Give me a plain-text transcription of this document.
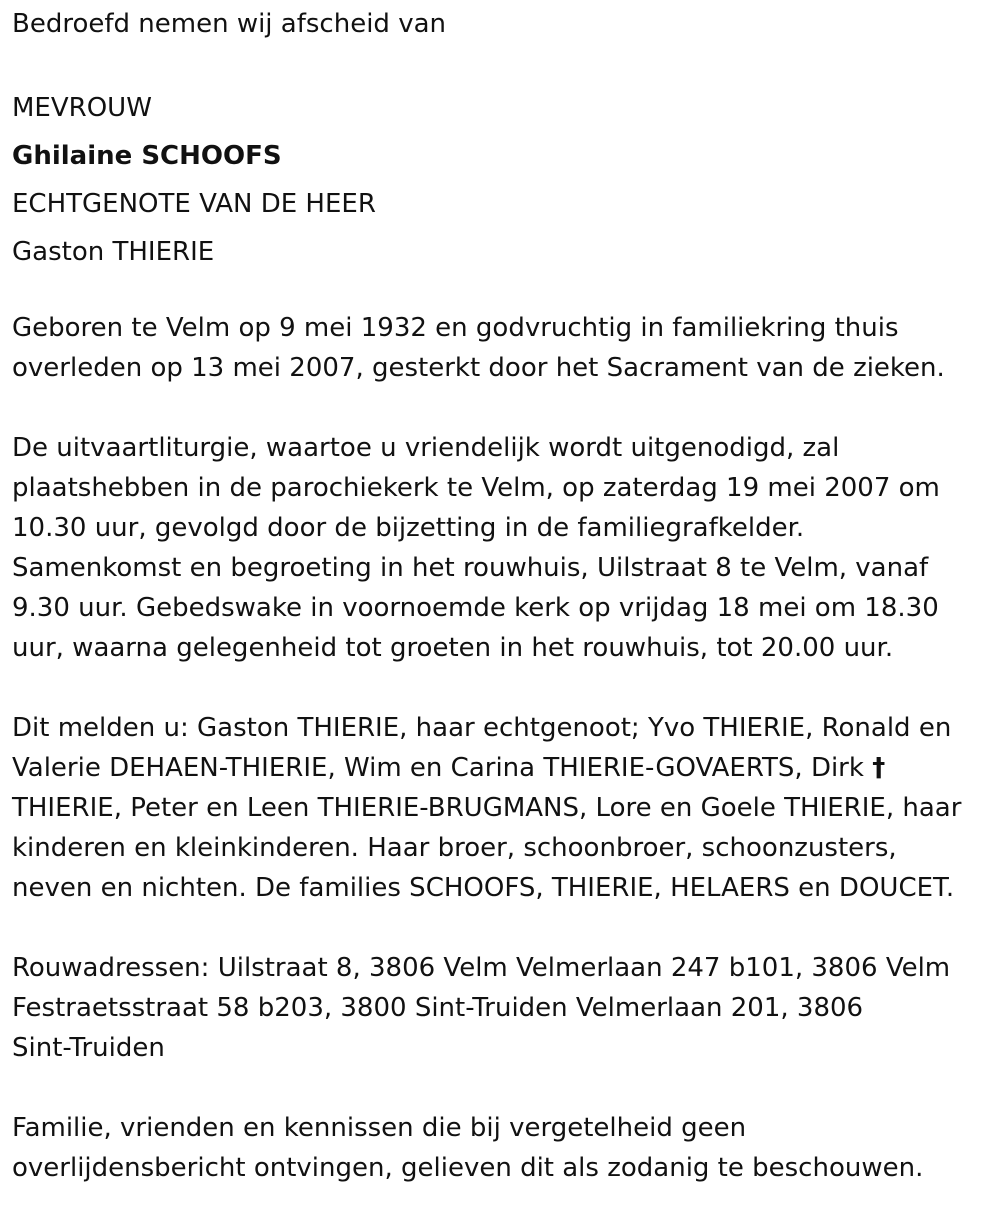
Bedroefd nemen wij afscheid van

MEVROUW

Ghilaine SCHOOFS

ECHTGENOTE VAN DE HEER

Gaston THIERIE

Geboren te Velm op 9 mei 1932 en godvruchtig in familiekring thuis

overleden op 13 mei 2007, gesterkt door het Sacrament van de zieken.

De uitvaartliturgie, waartoe u vriendelijk wordt uitgenodigd, zal

plaatshebben in de parochiekerk te Velm, op zaterdag 19 mei 2007 om

10.30 uur, gevolgd door de bijzetting in de familiegrafkelder.

Samenkomst en begroeting in het rouwhuis, Uilstraat 8 te Velm, vanaf

9.30 uur. Gebedswake in voornoemde kerk op vrijdag 18 mei om 18.30

uur, waarna gelegenheid tot groeten in het rouwhuis, tot 20.00 uur.

Dit melden u: Gaston THIERIE, haar echtgenoot; Yvo THIERIE, Ronald en

Valerie DEHAEN-THIERIE, Wim en Carina THIERIE-GOVAERTS, Dirk †

THIERIE, Peter en Leen THIERIE-BRUGMANS, Lore en Goele THIERIE, haar

kinderen en kleinkinderen. Haar broer, schoonbroer, schoonzusters,

neven en nichten. De families SCHOOFS, THIERIE, HELAERS en DOUCET.

Rouwadressen: Uilstraat 8, 3806 Velm Velmerlaan 247 b101, 3806 Velm

Festraetsstraat 58 b203, 3800 Sint-Truiden Velmerlaan 201, 3806

Sint-Truiden

Familie, vrienden en kennissen die bij vergetelheid geen

overlijdensbericht ontvingen, gelieven dit als zodanig te beschouwen.
